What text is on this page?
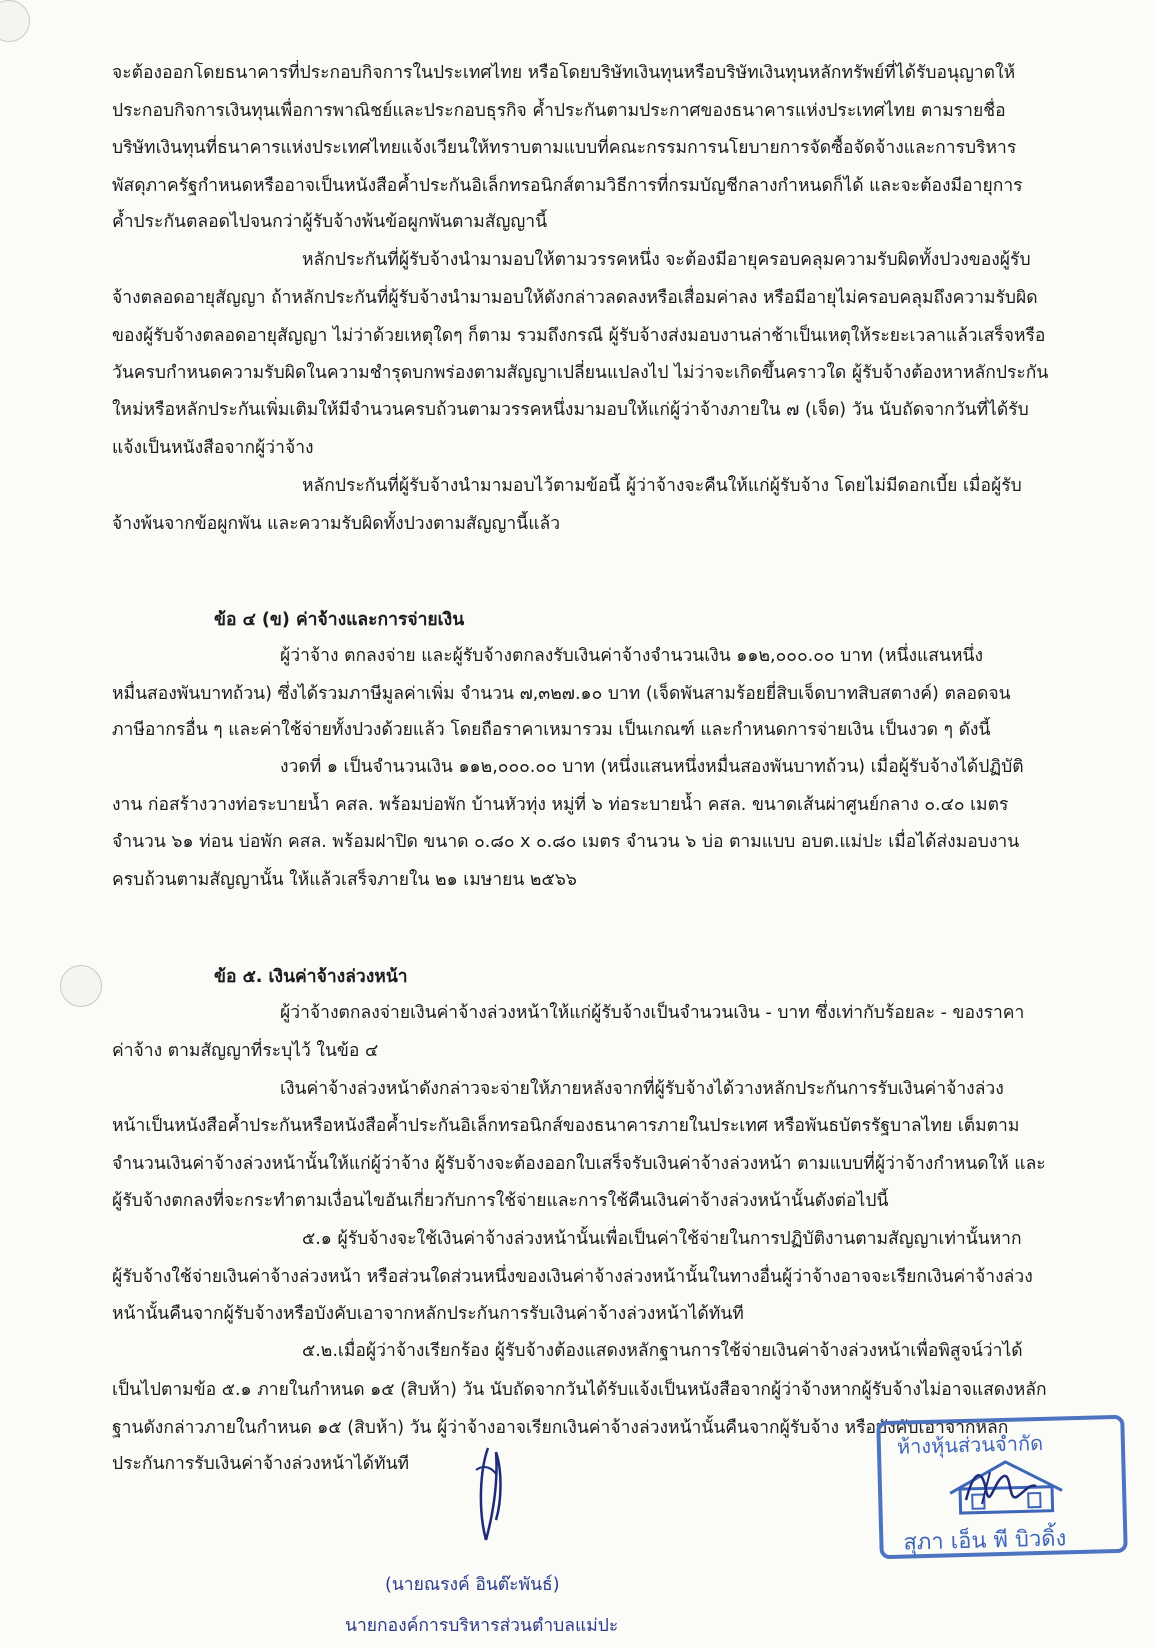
จะต้องออกโดยธนาคารที่ประกอบกิจการในประเทศไทย หรือโดยบริษัทเงินทุนหรือบริษัทเงินทุนหลักทรัพย์ที่ได้รับอนุญาตให้
ประกอบกิจการเงินทุนเพื่อการพาณิชย์และประกอบธุรกิจ ค้ำประกันตามประกาศของธนาคารแห่งประเทศไทย ตามรายชื่อ
บริษัทเงินทุนที่ธนาคารแห่งประเทศไทยแจ้งเวียนให้ทราบตามแบบที่คณะกรรมการนโยบายการจัดซื้อจัดจ้างและการบริหาร
พัสดุภาครัฐกำหนดหรืออาจเป็นหนังสือค้ำประกันอิเล็กทรอนิกส์ตามวิธีการที่กรมบัญชีกลางกำหนดก็ได้ และจะต้องมีอายุการ
ค้ำประกันตลอดไปจนกว่าผู้รับจ้างพ้นข้อผูกพันตามสัญญานี้
หลักประกันที่ผู้รับจ้างนำมามอบให้ตามวรรคหนึ่ง จะต้องมีอายุครอบคลุมความรับผิดทั้งปวงของผู้รับ
จ้างตลอดอายุสัญญา ถ้าหลักประกันที่ผู้รับจ้างนำมามอบให้ดังกล่าวลดลงหรือเสื่อมค่าลง หรือมีอายุไม่ครอบคลุมถึงความรับผิด
ของผู้รับจ้างตลอดอายุสัญญา ไม่ว่าด้วยเหตุใดๆ ก็ตาม รวมถึงกรณี ผู้รับจ้างส่งมอบงานล่าช้าเป็นเหตุให้ระยะเวลาแล้วเสร็จหรือ
วันครบกำหนดความรับผิดในความชำรุดบกพร่องตามสัญญาเปลี่ยนแปลงไป ไม่ว่าจะเกิดขึ้นคราวใด ผู้รับจ้างต้องหาหลักประกัน
ใหม่หรือหลักประกันเพิ่มเติมให้มีจำนวนครบถ้วนตามวรรคหนึ่งมามอบให้แก่ผู้ว่าจ้างภายใน ๗ (เจ็ด) วัน นับถัดจากวันที่ได้รับ
แจ้งเป็นหนังสือจากผู้ว่าจ้าง
หลักประกันที่ผู้รับจ้างนำมามอบไว้ตามข้อนี้ ผู้ว่าจ้างจะคืนให้แก่ผู้รับจ้าง โดยไม่มีดอกเบี้ย เมื่อผู้รับ
จ้างพ้นจากข้อผูกพัน และความรับผิดทั้งปวงตามสัญญานี้แล้ว
ข้อ ๔ (ข) ค่าจ้างและการจ่ายเงิน
ผู้ว่าจ้าง ตกลงจ่าย และผู้รับจ้างตกลงรับเงินค่าจ้างจำนวนเงิน ๑๑๒,๐๐๐.๐๐ บาท (หนึ่งแสนหนึ่ง
หมื่นสองพันบาทถ้วน) ซึ่งได้รวมภาษีมูลค่าเพิ่ม จำนวน ๗,๓๒๗.๑๐ บาท (เจ็ดพันสามร้อยยี่สิบเจ็ดบาทสิบสตางค์) ตลอดจน
ภาษีอากรอื่น ๆ และค่าใช้จ่ายทั้งปวงด้วยแล้ว โดยถือราคาเหมารวม เป็นเกณฑ์ และกำหนดการจ่ายเงิน เป็นงวด ๆ ดังนี้
งวดที่ ๑ เป็นจำนวนเงิน ๑๑๒,๐๐๐.๐๐ บาท (หนึ่งแสนหนึ่งหมื่นสองพันบาทถ้วน) เมื่อผู้รับจ้างได้ปฏิบัติ
งาน ก่อสร้างวางท่อระบายน้ำ คสล. พร้อมบ่อพัก บ้านหัวทุ่ง หมู่ที่ ๖ ท่อระบายน้ำ คสล. ขนาดเส้นผ่าศูนย์กลาง ๐.๔๐ เมตร
จำนวน ๖๑ ท่อน บ่อพัก คสล. พร้อมฝาปิด ขนาด ๐.๘๐ x ๐.๘๐ เมตร จำนวน ๖ บ่อ ตามแบบ อบต.แม่ปะ เมื่อได้ส่งมอบงาน
ครบถ้วนตามสัญญานั้น ให้แล้วเสร็จภายใน ๒๑ เมษายน ๒๕๖๖
ข้อ ๕. เงินค่าจ้างล่วงหน้า
ผู้ว่าจ้างตกลงจ่ายเงินค่าจ้างล่วงหน้าให้แก่ผู้รับจ้างเป็นจำนวนเงิน - บาท ซึ่งเท่ากับร้อยละ - ของราคา
ค่าจ้าง ตามสัญญาที่ระบุไว้ ในข้อ ๔
เงินค่าจ้างล่วงหน้าดังกล่าวจะจ่ายให้ภายหลังจากที่ผู้รับจ้างได้วางหลักประกันการรับเงินค่าจ้างล่วง
หน้าเป็นหนังสือค้ำประกันหรือหนังสือค้ำประกันอิเล็กทรอนิกส์ของธนาคารภายในประเทศ หรือพันธบัตรรัฐบาลไทย เต็มตาม
จำนวนเงินค่าจ้างล่วงหน้านั้นให้แก่ผู้ว่าจ้าง ผู้รับจ้างจะต้องออกใบเสร็จรับเงินค่าจ้างล่วงหน้า ตามแบบที่ผู้ว่าจ้างกำหนดให้ และ
ผู้รับจ้างตกลงที่จะกระทำตามเงื่อนไขอันเกี่ยวกับการใช้จ่ายและการใช้คืนเงินค่าจ้างล่วงหน้านั้นดังต่อไปนี้
๕.๑ ผู้รับจ้างจะใช้เงินค่าจ้างล่วงหน้านั้นเพื่อเป็นค่าใช้จ่ายในการปฏิบัติงานตามสัญญาเท่านั้นหาก
ผู้รับจ้างใช้จ่ายเงินค่าจ้างล่วงหน้า หรือส่วนใดส่วนหนึ่งของเงินค่าจ้างล่วงหน้านั้นในทางอื่นผู้ว่าจ้างอาจจะเรียกเงินค่าจ้างล่วง
หน้านั้นคืนจากผู้รับจ้างหรือบังคับเอาจากหลักประกันการรับเงินค่าจ้างล่วงหน้าได้ทันที
๕.๒.เมื่อผู้ว่าจ้างเรียกร้อง ผู้รับจ้างต้องแสดงหลักฐานการใช้จ่ายเงินค่าจ้างล่วงหน้าเพื่อพิสูจน์ว่าได้
เป็นไปตามข้อ ๕.๑ ภายในกำหนด ๑๕ (สิบห้า) วัน นับถัดจากวันได้รับแจ้งเป็นหนังสือจากผู้ว่าจ้างหากผู้รับจ้างไม่อาจแสดงหลัก
ฐานดังกล่าวภายในกำหนด ๑๕ (สิบห้า) วัน ผู้ว่าจ้างอาจเรียกเงินค่าจ้างล่วงหน้านั้นคืนจากผู้รับจ้าง หรือบังคับเอาจากหลัก
ประกันการรับเงินค่าจ้างล่วงหน้าได้ทันที
ห้างหุ้นส่วนจำกัด
สุภา เอ็น พี บิวดิ้ง
(นายณรงค์ อินต๊ะพันธ์)
นายกองค์การบริหารส่วนตำบลแม่ปะ
